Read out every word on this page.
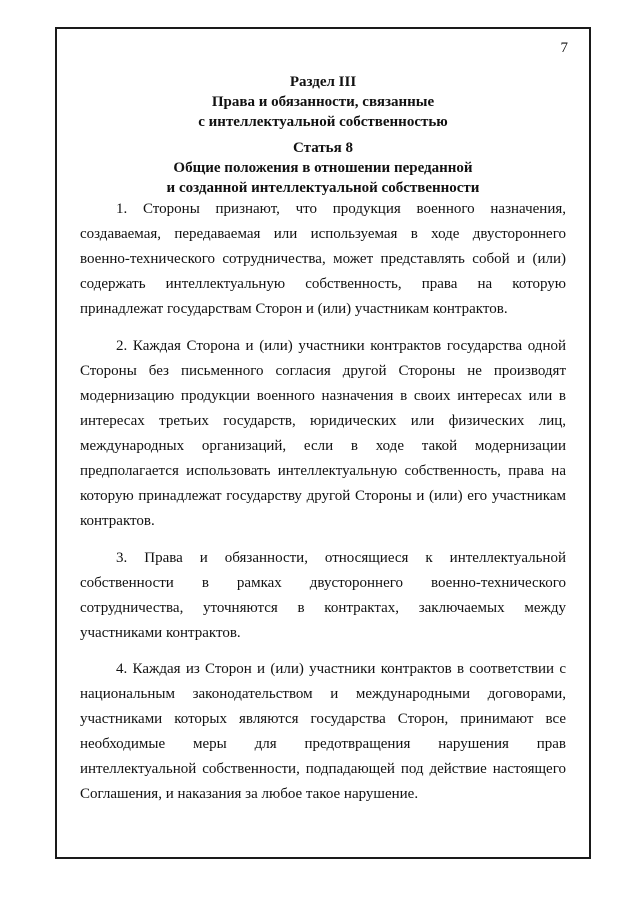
7
Раздел III
Права и обязанности, связанные
с интеллектуальной собственностью
Статья 8
Общие положения в отношении переданной
и созданной интеллектуальной собственности
1. Стороны признают, что продукция военного назначения,
создаваемая, передаваемая или используемая в ходе двустороннего
военно-технического сотрудничества, может представлять собой и (или)
содержать интеллектуальную собственность, права на которую
принадлежат государствам Сторон и (или) участникам контрактов.
2. Каждая Сторона и (или) участники контрактов государства одной
Стороны без письменного согласия другой Стороны не производят
модернизацию продукции военного назначения в своих интересах или в
интересах третьих государств, юридических или физических лиц,
международных организаций, если в ходе такой модернизации
предполагается использовать интеллектуальную собственность, права на
которую принадлежат государству другой Стороны и (или) его участникам
контрактов.
3. Права и обязанности, относящиеся к интеллектуальной
собственности в рамках двустороннего военно-технического
сотрудничества, уточняются в контрактах, заключаемых между
участниками контрактов.
4. Каждая из Сторон и (или) участники контрактов в соответствии с
национальным законодательством и международными договорами,
участниками которых являются государства Сторон, принимают все
необходимые меры для предотвращения нарушения прав
интеллектуальной собственности, подпадающей под действие настоящего
Соглашения, и наказания за любое такое нарушение.
